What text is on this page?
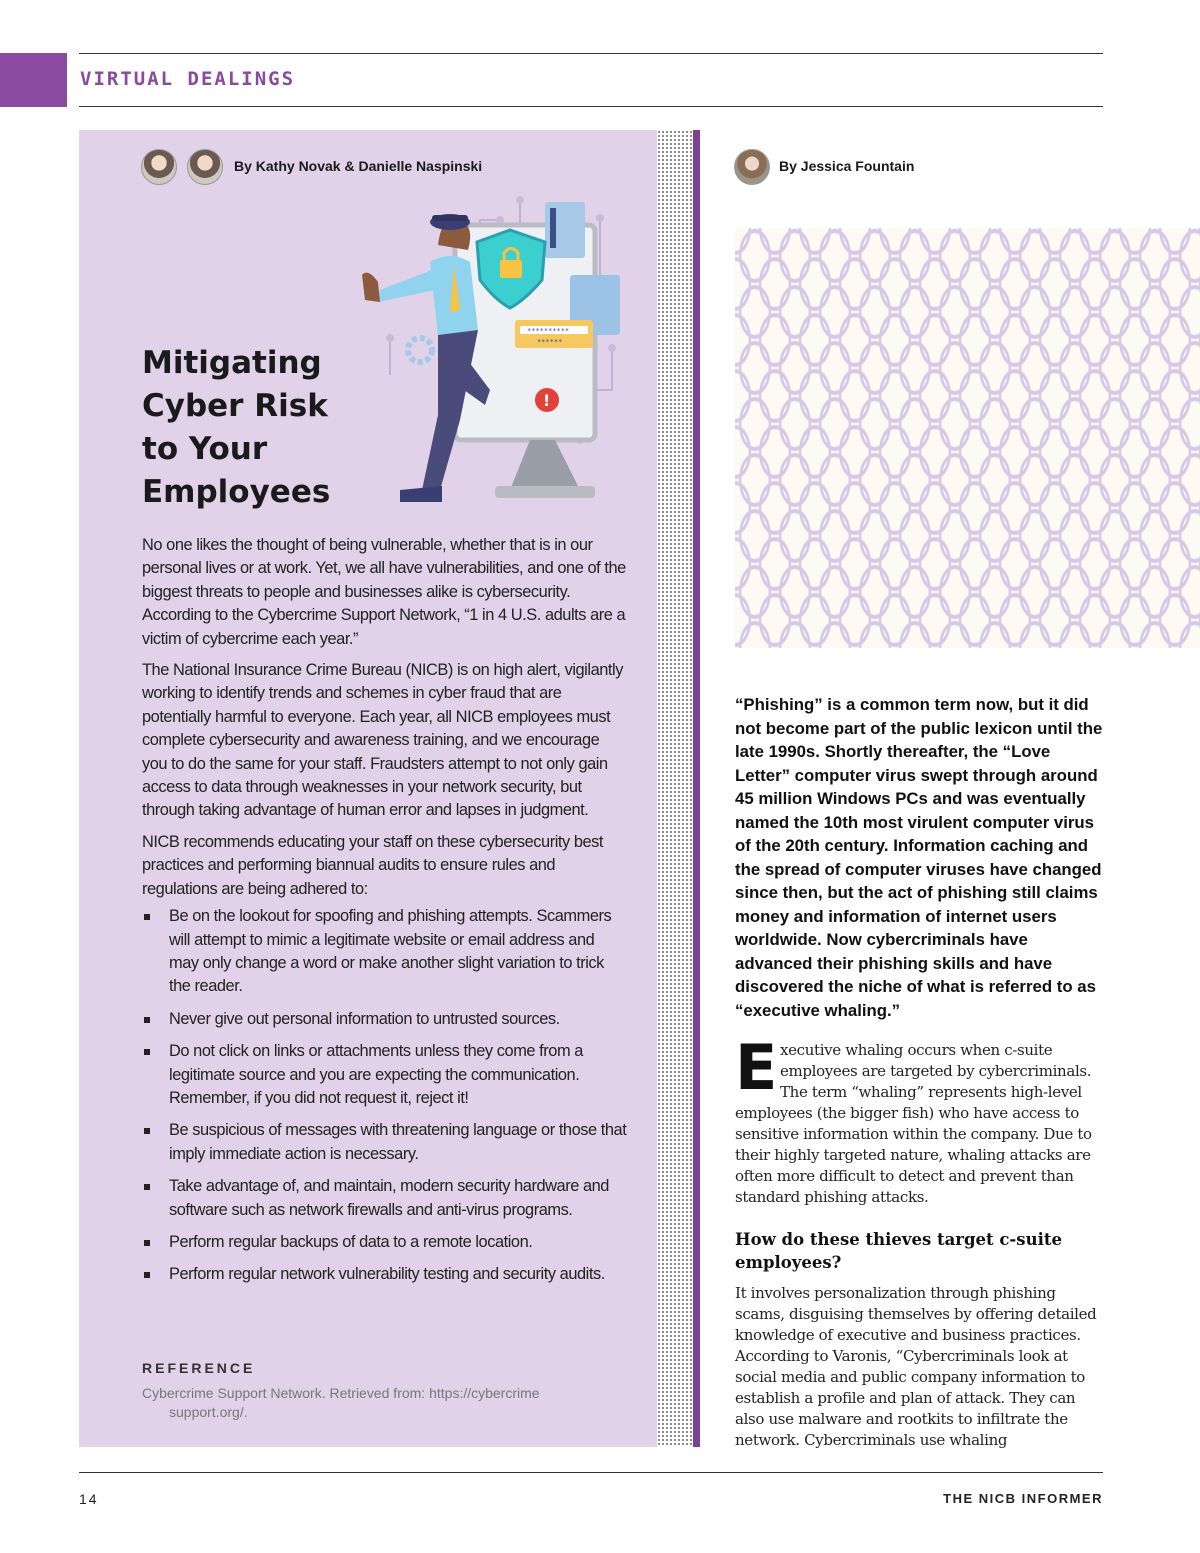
VIRTUAL DEALINGS
By Kathy Novak & Danielle Naspinski
**********
******
!
Mitigating Cyber Risk to Your Employees

No one likes the thought of being vulnerable, whether that is in our personal lives or at work. Yet, we all have vulnerabilities, and one of the biggest threats to people and businesses alike is cybersecurity. According to the Cybercrime Support Network, “1 in 4 U.S. adults are a victim of cybercrime each year.”

The National Insurance Crime Bureau (NICB) is on high alert, vigilantly working to identify trends and schemes in cyber fraud that are potentially harmful to everyone. Each year, all NICB employees must complete cybersecurity and awareness training, and we encourage you to do the same for your staff. Fraudsters attempt to not only gain access to data through weaknesses in your network security, but through taking advantage of human error and lapses in judgment.

NICB recommends educating your staff on these cybersecurity best practices and performing biannual audits to ensure rules and regulations are being adhered to:

Be on the lookout for spoofing and phishing attempts. Scammers will attempt to mimic a legitimate website or email address and may only change a word or make another slight variation to trick the reader.
Never give out personal information to untrusted sources.
Do not click on links or attachments unless they come from a legitimate source and you are expecting the communication. Remember, if you did not request it, reject it!
Be suspicious of messages with threatening language or those that imply immediate action is necessary.
Take advantage of, and maintain, modern security hardware and software such as network firewalls and anti-virus programs.
Perform regular backups of data to a remote location.
Perform regular network vulnerability testing and security audits.
REFERENCE
Cybercrime Support Network. Retrieved from: https://cybercrime
support.org/.
By Jessica Fountain
“Phishing” is a common term now, but it did not become part of the public lexicon until the late 1990s. Shortly thereafter, the “Love Letter” computer virus swept through around 45 million Windows PCs and was eventually named the 10th most virulent computer virus of the 20th century. Information caching and the spread of computer viruses have changed since then, but the act of phishing still claims money and information of internet users worldwide. Now cybercriminals have advanced their phishing skills and have discovered the niche of what is referred to as “executive whaling.”
Executive whaling occurs when c-suite employees are targeted by cybercriminals. The term “whaling” represents high-level employees (the bigger fish) who have access to sensitive information within the company. Due to their highly targeted nature, whaling attacks are often more difficult to detect and prevent than standard phishing attacks.
How do these thieves target c-suite employees?
It involves personalization through phishing scams, disguising themselves by offering detailed knowledge of executive and business practices. According to Varonis, “Cybercriminals look at social media and public company information to establish a profile and plan of attack. They can also use malware and rootkits to infiltrate the network. Cybercriminals use whaling
14	THE NICB INFORMER
